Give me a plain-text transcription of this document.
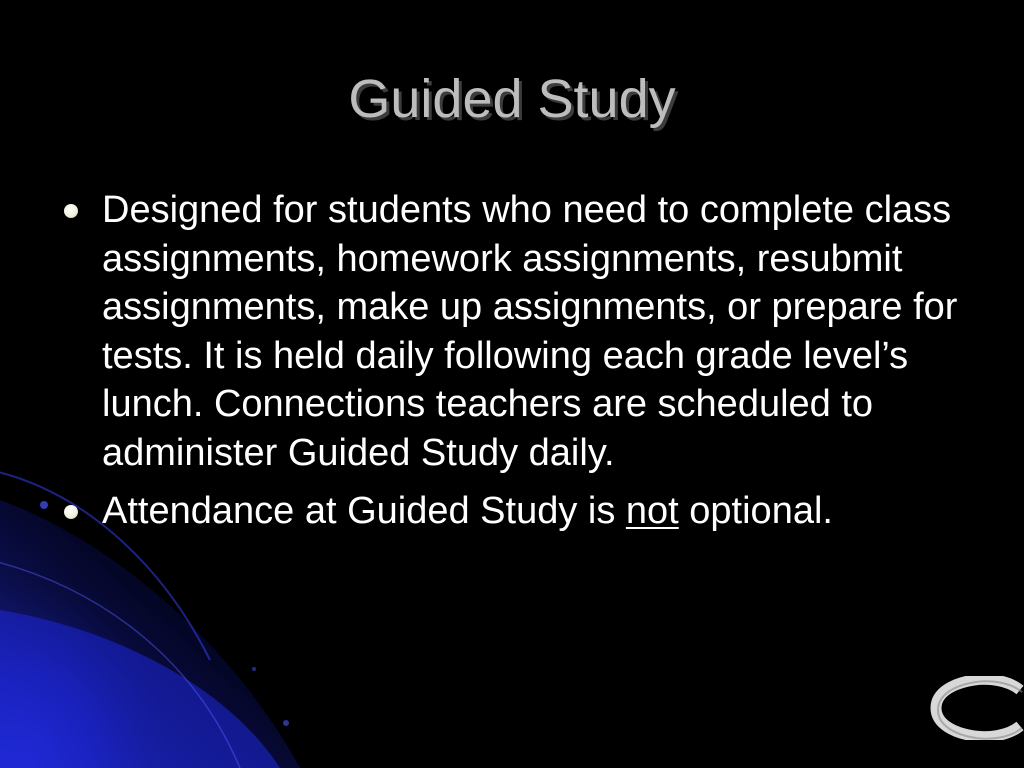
Guided Study
Designed for students who need to complete class assignments, homework assignments, resubmit assignments, make up assignments, or prepare for tests. It is held daily following each grade level’s lunch. Connections teachers are scheduled to administer Guided Study daily.
Attendance at Guided Study is not optional.
